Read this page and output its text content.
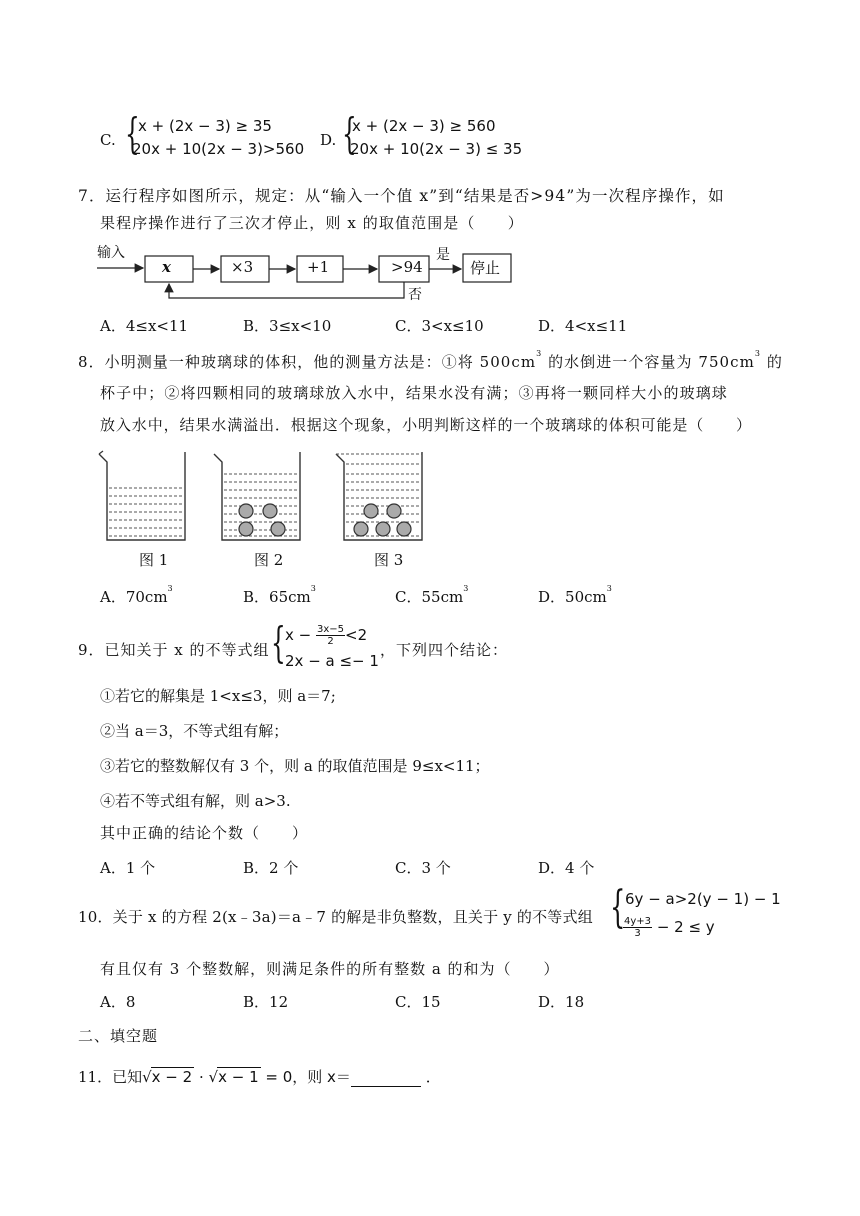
C. {
x + (2x − 3) ≥ 35
20x + 10(2x − 3)>560 D. {
x + (2x − 3) ≥ 560
20x + 10(2x − 3) ≤ 35
7．运行程序如图所示，规定：从“输入一个值 x”到“结果是否>94”为一次程序操作，如
果程序操作进行了三次才停止，则 x 的取值范围是（　　）
输入
x	×3	+1	>94
是
停止
否
A．4≤x<11	B．3≤x<10	C．3<x≤10	D．4<x≤11
8．小明测量一种玻璃球的体积，他的测量方法是：①将 $500cm^3$ 的水倒进一个容量为 $750cm^3$ 的
杯子中；②将四颗相同的玻璃球放入水中，结果水没有满；③再将一颗同样大小的玻璃球
放入水中，结果水满溢出．根据这个现象，小明判断这样的一个玻璃球的体积可能是（　　）
图 1	图 2	图 3
A．$70cm^3$	B．$65cm^3$	C．$55cm^3$	D．$50cm^3$
9．已知关于 x 的不等式组 { $x - \frac{3x-5}{2} <2$
2x − a ≤− 1
，下列四个结论：
①若它的解集是 1<x≤3，则 a＝7;
②当 a＝3，不等式组有解；
③若它的整数解仅有 3 个，则 a 的取值范围是 9≤x<11；
④若不等式组有解，则 a>3.
其中正确的结论个数（　　）
A．1 个	B．2 个	C．3 个	D．4 个
10．关于 x 的方程 2(x﹣3a)＝a﹣7 的解是非负整数，且关于 y 的不等式组 { 6y − a>2(y − 1) − 1
$\frac{4y+3}{3} - 2 \le y$
有且仅有 3 个整数解，则满足条件的所有整数 a 的和为（　　）
A．8	B．12	C．15	D．18
二、填空题
11．已知√x − 2 · √x − 1 = 0，则 x＝	．
